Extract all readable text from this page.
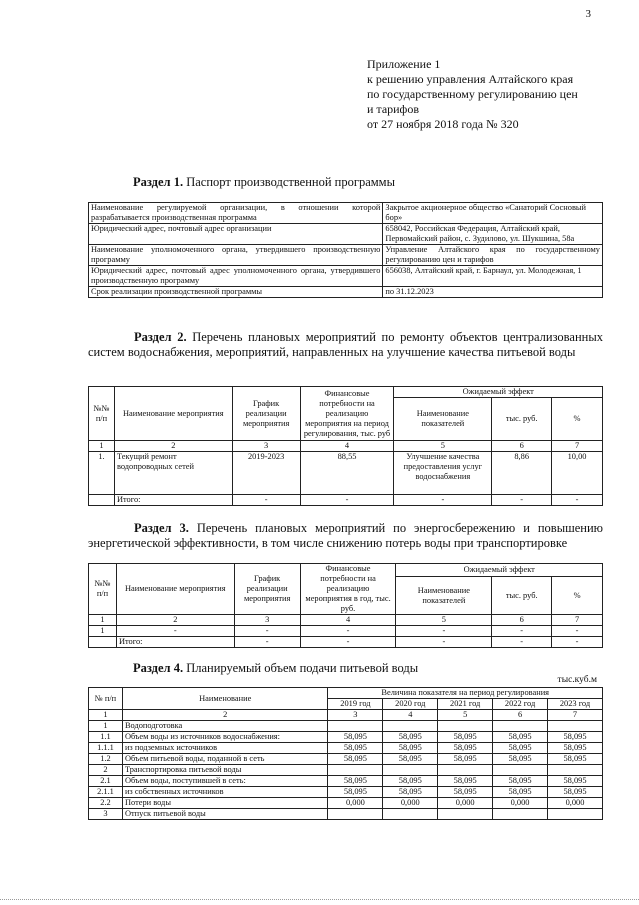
3
Приложение 1
к решению управления Алтайского края
по государственному регулированию цен
и тарифов
от 27 ноября 2018 года № 320
Раздел 1. Паспорт производственной программы
Наименование регулируемой организации, в отношении которой разрабатывается производственная программа	Закрытое акционерное общество «Санаторий Сосновый бор»
Юридический адрес, почтовый адрес организации	658042, Российская Федерация, Алтайский край, Первомайский район, с. Зудилово, ул. Шукшина, 58а
Наименование уполномоченного органа, утвердившего производственную программу	Управление Алтайского края по государственному регулированию цен и тарифов
Юридический адрес, почтовый адрес уполномоченного органа, утвердившего производственную программу	656038, Алтайский край, г. Барнаул, ул. Молодежная, 1
Срок реализации производственной программы	по 31.12.2023
Раздел 2. Перечень плановых мероприятий по ремонту объектов централизованных систем водоснабжения, мероприятий, направленных на улучшение качества питьевой воды
№№ п/п	Наименование мероприятия	График реализации мероприятия	Финансовые потребности на реализацию мероприятия на период регулирования, тыс. руб	Ожидаемый эффект		
				Наименование показателей	тыс. руб.	%
1	2	3	4	5	6	7
1.	Текущий ремонт водопроводных сетей	2019-2023	88,55	Улучшение качества предоставления услуг водоснабжения	8,86	10,00
	Итого:	-	-	-	-	-
Раздел 3. Перечень плановых мероприятий по энергосбережению и повышению энергетической эффективности, в том числе снижению потерь воды при транспортировке
№№ п/п	Наименование мероприятия	График реализации мероприятия	Финансовые потребности на реализацию мероприятия в год, тыс. руб.	Ожидаемый эффект		
				Наименование показателей	тыс. руб.	%
1	2	3	4	5	6	7
1	-	-	-	-	-	-
	Итого:	-	-	-	-	-
Раздел 4. Планируемый объем подачи питьевой воды
тыс.куб.м
№ п/п	Наименование	Величина показателя на период регулирования				
		2019 год	2020 год	2021 год	2022 год	2023 год
1	2	3	4	5	6	7
1	Водоподготовка					
1.1	Объем воды из источников водоснабжения:	58,095	58,095	58,095	58,095	58,095
1.1.1	из подземных источников	58,095	58,095	58,095	58,095	58,095
1.2	Объем питьевой воды, поданной в сеть	58,095	58,095	58,095	58,095	58,095
2	Транспортировка питьевой воды					
2.1	Объем воды, поступившей в сеть:	58,095	58,095	58,095	58,095	58,095
2.1.1	из собственных источников	58,095	58,095	58,095	58,095	58,095
2.2	Потери воды	0,000	0,000	0,000	0,000	0,000
3	Отпуск питьевой воды					
